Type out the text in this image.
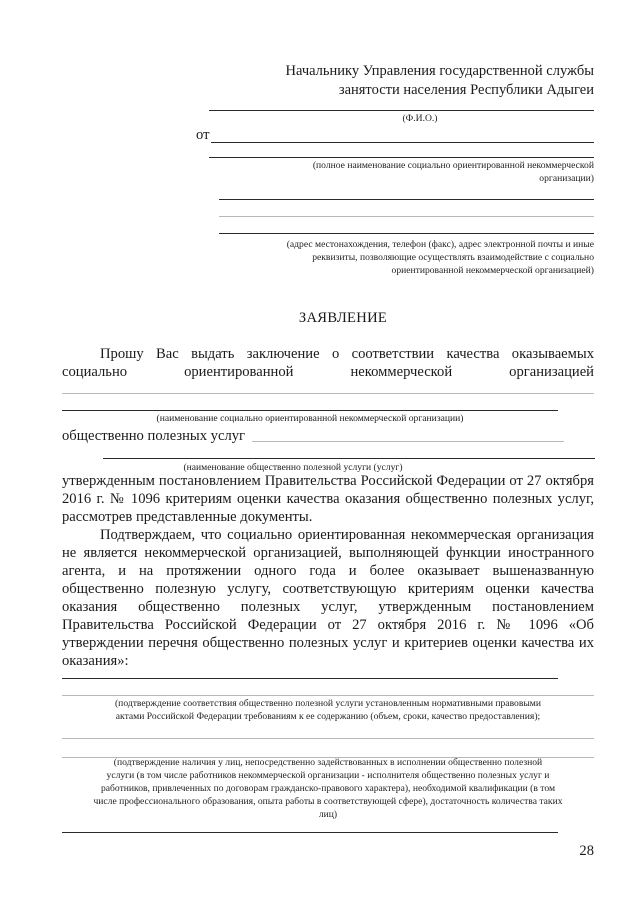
Начальнику Управления государственной службы
занятости населения Республики Адыгеи
(Ф.И.О.)
от
(полное наименование социально ориентированной некоммерческой
организации)
(адрес местонахождения, телефон (факс), адрес электронной почты и иные
реквизиты, позволяющие осуществлять взаимодействие с социально
ориентированной некоммерческой организацией)
ЗАЯВЛЕНИЕ
Прошу Вас выдать заключение о соответствии качества оказываемых
социально ориентированной некоммерческой организацией
(наименование социально ориентированной некоммерческой организации)
общественно полезных услуг
(наименование общественно полезной услуги (услуг)
утвержденным постановлением Правительства Российской Федерации от 27 октября 2016 г. № 1096 критериям оценки качества оказания общественно полезных услуг, рассмотрев представленные документы.
Подтверждаем, что социально ориентированная некоммерческая организация не является некоммерческой организацией, выполняющей функции иностранного агента, и на протяжении одного года и более оказывает вышеназванную общественно полезную услугу, соответствующую критериям оценки качества оказания общественно полезных услуг, утвержденным постановлением Правительства Российской Федерации от 27 октября 2016 г. № 1096 «Об утверждении перечня общественно полезных услуг и критериев оценки качества их оказания»:
(подтверждение соответствия общественно полезной услуги установленным нормативными правовыми
актами Российской Федерации требованиям к ее содержанию (объем, сроки, качество предоставления);
(подтверждение наличия у лиц, непосредственно задействованных в исполнении общественно полезной
услуги (в том числе работников некоммерческой организации - исполнителя общественно полезных услуг и
работников, привлеченных по договорам гражданско-правового характера), необходимой квалификации (в том
числе профессионального образования, опыта работы в соответствующей сфере), достаточность количества таких
лиц)
28
